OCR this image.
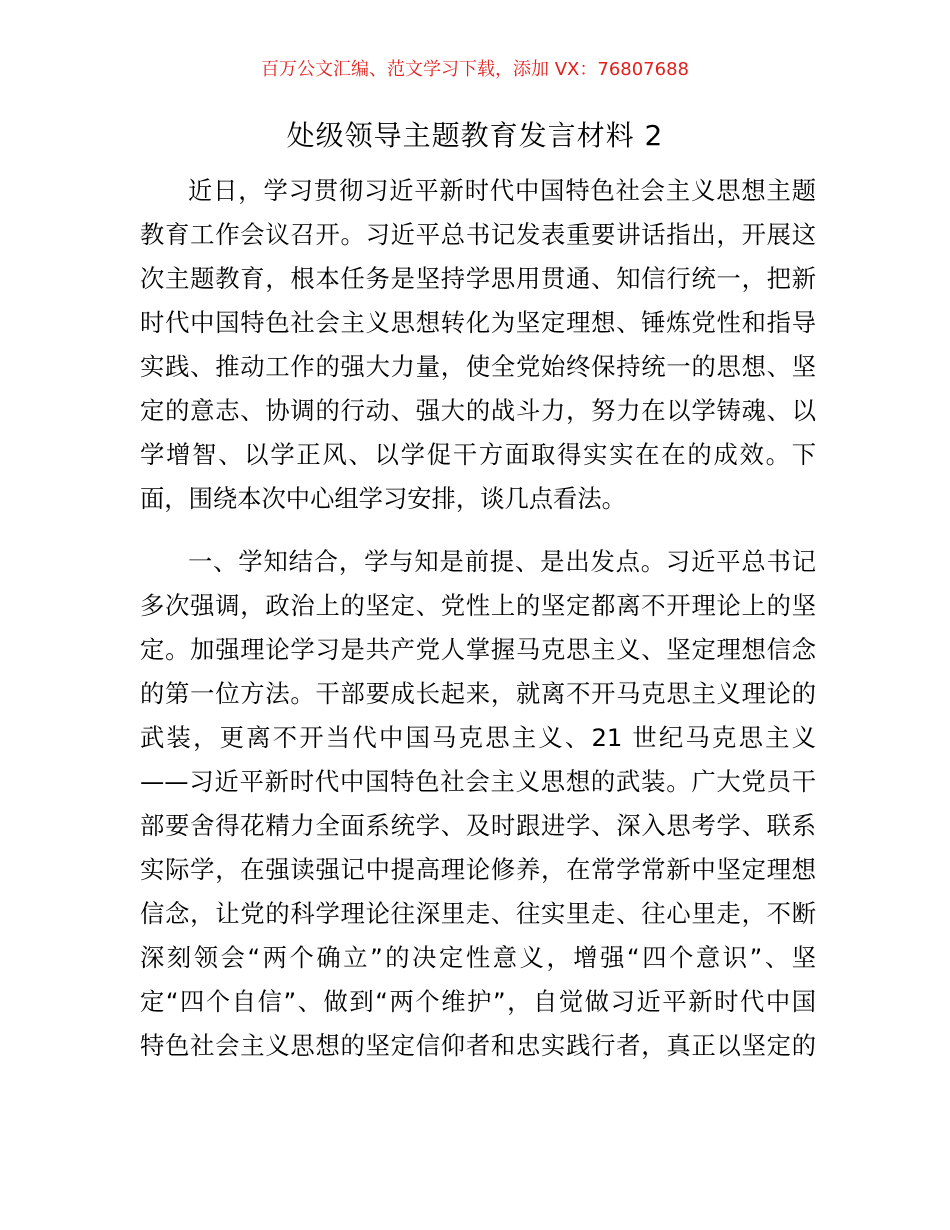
百万公文汇编、范文学习下载，添加 VX：76807688
处级领导主题教育发言材料 2
近日，学习贯彻习近平新时代中国特色社会主义思想主题
教育工作会议召开。习近平总书记发表重要讲话指出，开展这
次主题教育，根本任务是坚持学思用贯通、知信行统一，把新
时代中国特色社会主义思想转化为坚定理想、锤炼党性和指导
实践、推动工作的强大力量，使全党始终保持统一的思想、坚
定的意志、协调的行动、强大的战斗力，努力在以学铸魂、以
学增智、以学正风、以学促干方面取得实实在在的成效。下
面，围绕本次中心组学习安排，谈几点看法。
一、学知结合，学与知是前提、是出发点。习近平总书记
多次强调，政治上的坚定、党性上的坚定都离不开理论上的坚
定。加强理论学习是共产党人掌握马克思主义、坚定理想信念
的第一位方法。干部要成长起来，就离不开马克思主义理论的
武装，更离不开当代中国马克思主义、21 世纪马克思主义
——习近平新时代中国特色社会主义思想的武装。广大党员干
部要舍得花精力全面系统学、及时跟进学、深入思考学、联系
实际学，在强读强记中提高理论修养，在常学常新中坚定理想
信念，让党的科学理论往深里走、往实里走、往心里走，不断
深刻领会“两个确立”的决定性意义，增强“四个意识”、坚
定“四个自信”、做到“两个维护”，自觉做习近平新时代中国
特色社会主义思想的坚定信仰者和忠实践行者，真正以坚定的
